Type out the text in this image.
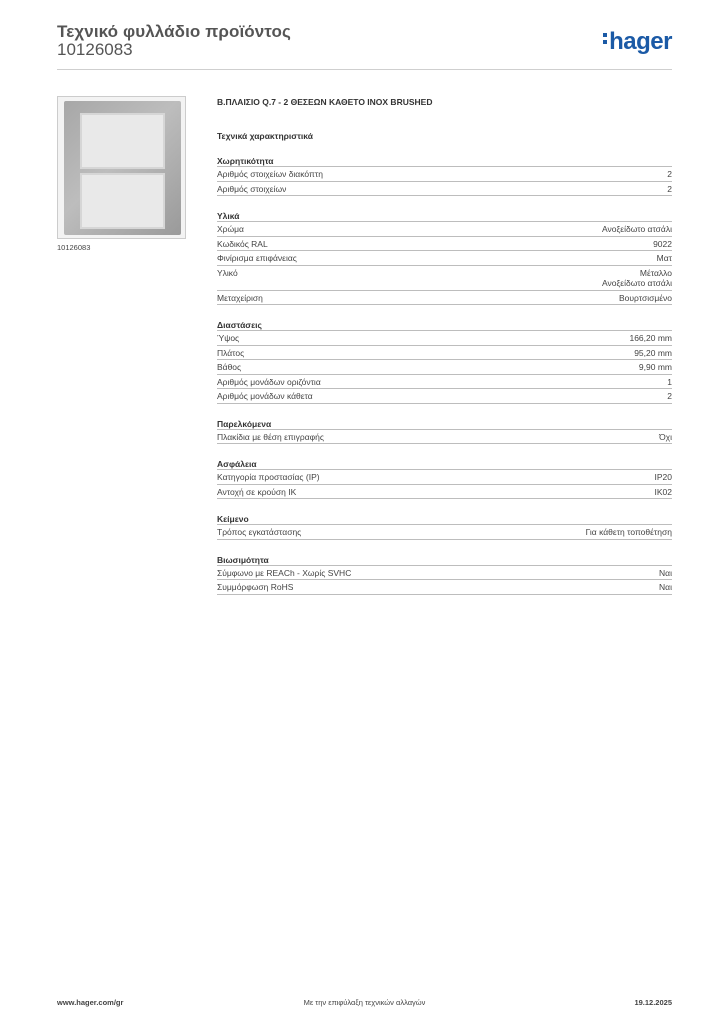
Τεχνικό φυλλάδιο προϊόντος
10126083	hager
10126083
Β.ΠΛΑΙΣΙΟ Q.7 - 2 ΘΕΣΕΩΝ ΚΑΘΕΤΟ INOX BRUSHED
Τεχνικά χαρακτηριστικά
Χωρητικότητα
Αριθμός στοιχείων διακόπτη	2
Αριθμός στοιχείων	2
Υλικά
Χρώμα	Ανοξείδωτο ατσάλι
Κωδικός RAL	9022
Φινίρισμα επιφάνειας	Ματ
Υλικό	Μέταλλο
Ανοξείδωτο ατσάλι
Μεταχείριση	Βουρτσισμένο
Διαστάσεις
Ύψος	166,20 mm
Πλάτος	95,20 mm
Βάθος	9,90 mm
Αριθμός μονάδων οριζόντια	1
Αριθμός μονάδων κάθετα	2
Παρελκόμενα
Πλακίδια με θέση επιγραφής	Όχι
Ασφάλεια
Κατηγορία προστασίας (IP)	IP20
Αντοχή σε κρούση IK	IK02
Κείμενο
Τρόπος εγκατάστασης	Για κάθετη τοποθέτηση
Βιωσιμότητα
Σύμφωνο με REACh - Χωρίς SVHC	Ναι
Συμμόρφωση RoHS	Ναι
Με την επιφύλαξη τεχνικών αλλαγών
www.hager.com/gr	19.12.2025
